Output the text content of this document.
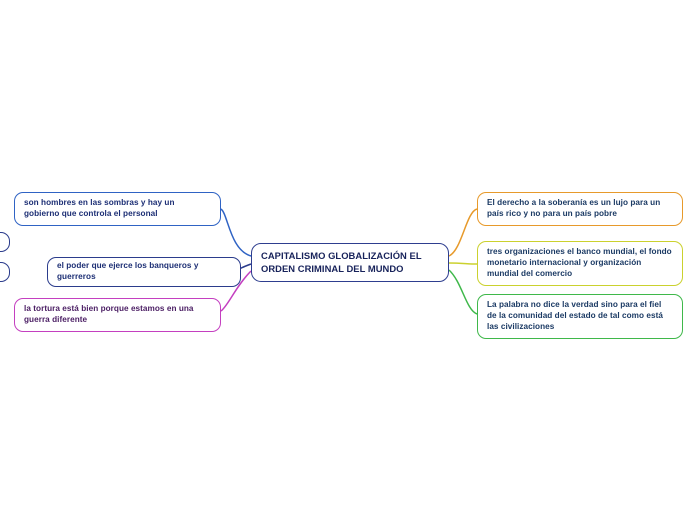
CAPITALISMO GLOBALIZACIÓN EL ORDEN CRIMINAL DEL MUNDO
son hombres en las sombras y hay un gobierno que controla el personal
el poder que ejerce los banqueros y guerreros
la tortura está bien porque estamos en una guerra diferente
El derecho a la soberanía es un lujo para un país rico y no para un país pobre
tres organizaciones el banco mundial, el fondo monetario internacional y organización mundial del comercio
La palabra no dice la verdad sino para el fiel de la comunidad del estado de tal como está las civilizaciones
